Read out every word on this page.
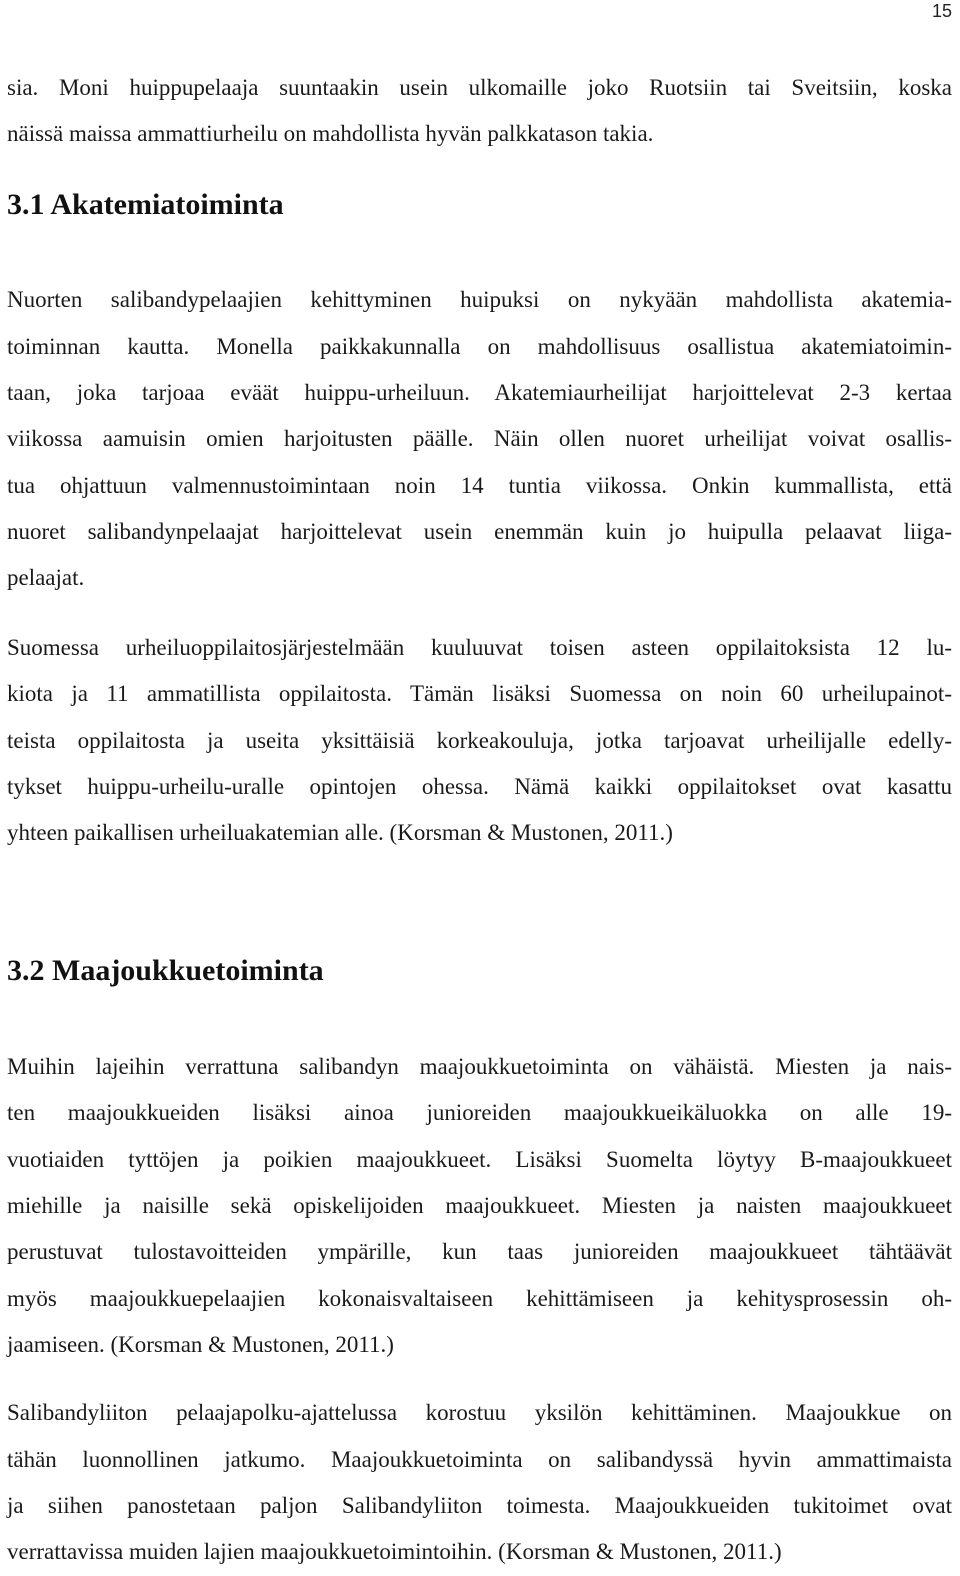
15
sia. Moni huippupelaaja suuntaakin usein ulkomaille joko Ruotsiin tai Sveitsiin, koska
näissä maissa ammattiurheilu on mahdollista hyvän palkkatason takia.
3.1 Akatemiatoiminta
Nuorten salibandypelaajien kehittyminen huipuksi on nykyään mahdollista akatemia-
toiminnan kautta. Monella paikkakunnalla on mahdollisuus osallistua akatemiatoimin-
taan, joka tarjoaa eväät huippu-urheiluun. Akatemiaurheilijat harjoittelevat 2-3 kertaa
viikossa aamuisin omien harjoitusten päälle. Näin ollen nuoret urheilijat voivat osallis-
tua ohjattuun valmennustoimintaan noin 14 tuntia viikossa. Onkin kummallista, että
nuoret salibandynpelaajat harjoittelevat usein enemmän kuin jo huipulla pelaavat liiga-
pelaajat.
Suomessa urheiluoppilaitosjärjestelmään kuuluuvat toisen asteen oppilaitoksista 12 lu-
kiota ja 11 ammatillista oppilaitosta. Tämän lisäksi Suomessa on noin 60 urheilupainot-
teista oppilaitosta ja useita yksittäisiä korkeakouluja, jotka tarjoavat urheilijalle edelly-
tykset huippu-urheilu-uralle opintojen ohessa. Nämä kaikki oppilaitokset ovat kasattu
yhteen paikallisen urheiluakatemian alle. (Korsman & Mustonen, 2011.)
3.2 Maajoukkuetoiminta
Muihin lajeihin verrattuna salibandyn maajoukkuetoiminta on vähäistä. Miesten ja nais-
ten maajoukkueiden lisäksi ainoa junioreiden maajoukkueikäluokka on alle 19-
vuotiaiden tyttöjen ja poikien maajoukkueet. Lisäksi Suomelta löytyy B-maajoukkueet
miehille ja naisille sekä opiskelijoiden maajoukkueet. Miesten ja naisten maajoukkueet
perustuvat tulostavoitteiden ympärille, kun taas junioreiden maajoukkueet tähtäävät
myös maajoukkuepelaajien kokonaisvaltaiseen kehittämiseen ja kehitysprosessin oh-
jaamiseen. (Korsman & Mustonen, 2011.)
Salibandyliiton pelaajapolku-ajattelussa korostuu yksilön kehittäminen. Maajoukkue on
tähän luonnollinen jatkumo. Maajoukkuetoiminta on salibandyssä hyvin ammattimaista
ja siihen panostetaan paljon Salibandyliiton toimesta. Maajoukkueiden tukitoimet ovat
verrattavissa muiden lajien maajoukkuetoimintoihin. (Korsman & Mustonen, 2011.)
